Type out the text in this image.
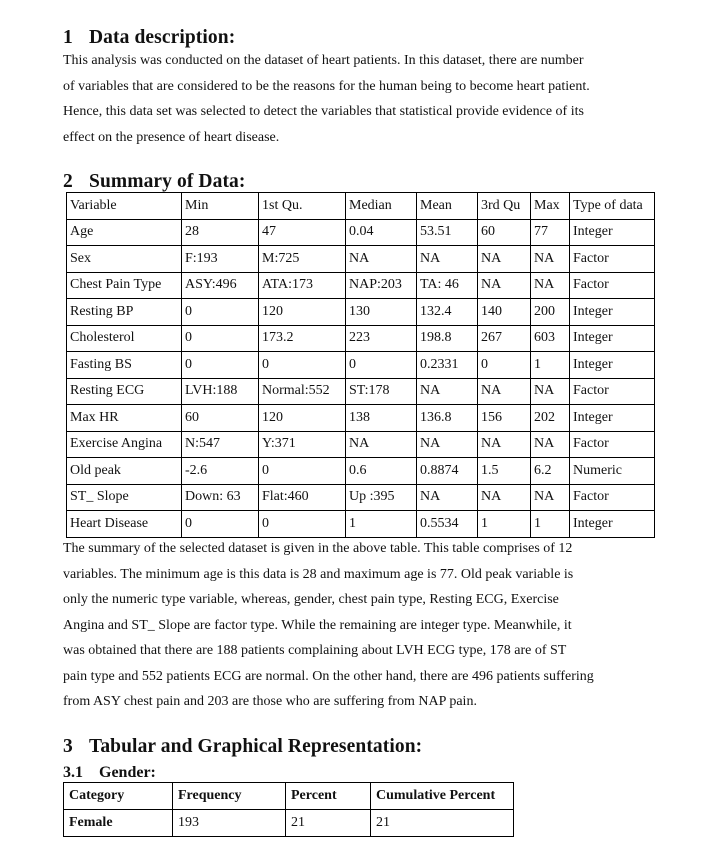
1 Data description:
This analysis was conducted on the dataset of heart patients. In this dataset, there are number
of variables that are considered to be the reasons for the human being to become heart patient.
Hence, this data set was selected to detect the variables that statistical provide evidence of its
effect on the presence of heart disease.
2 Summary of Data:
Variable	Min	1st Qu.	Median	Mean	3rd Qu	Max	Type of data
Age	28	47	0.04	53.51	60	77	Integer
Sex	F:193	M:725	NA	NA	NA	NA	Factor
Chest Pain Type	ASY:496	ATA:173	NAP:203	TA: 46	NA	NA	Factor
Resting BP	0	120	130	132.4	140	200	Integer
Cholesterol	0	173.2	223	198.8	267	603	Integer
Fasting BS	0	0	0	0.2331	0	1	Integer
Resting ECG	LVH:188	Normal:552	ST:178	NA	NA	NA	Factor
Max HR	60	120	138	136.8	156	202	Integer
Exercise Angina	N:547	Y:371	NA	NA	NA	NA	Factor
Old peak	-2.6	0	0.6	0.8874	1.5	6.2	Numeric
ST_ Slope	Down: 63	Flat:460	Up :395	NA	NA	NA	Factor
Heart Disease	0	0	1	0.5534	1	1	Integer
The summary of the selected dataset is given in the above table. This table comprises of 12
variables. The minimum age is this data is 28 and maximum age is 77. Old peak variable is
only the numeric type variable, whereas, gender, chest pain type, Resting ECG, Exercise
Angina and ST_ Slope are factor type. While the remaining are integer type. Meanwhile, it
was obtained that there are 188 patients complaining about LVH ECG type, 178 are of ST
pain type and 552 patients ECG are normal. On the other hand, there are 496 patients suffering
from ASY chest pain and 203 are those who are suffering from NAP pain.
3 Tabular and Graphical Representation:
3.1 Gender:
Category	Frequency	Percent	Cumulative Percent
Female	193	21	21
